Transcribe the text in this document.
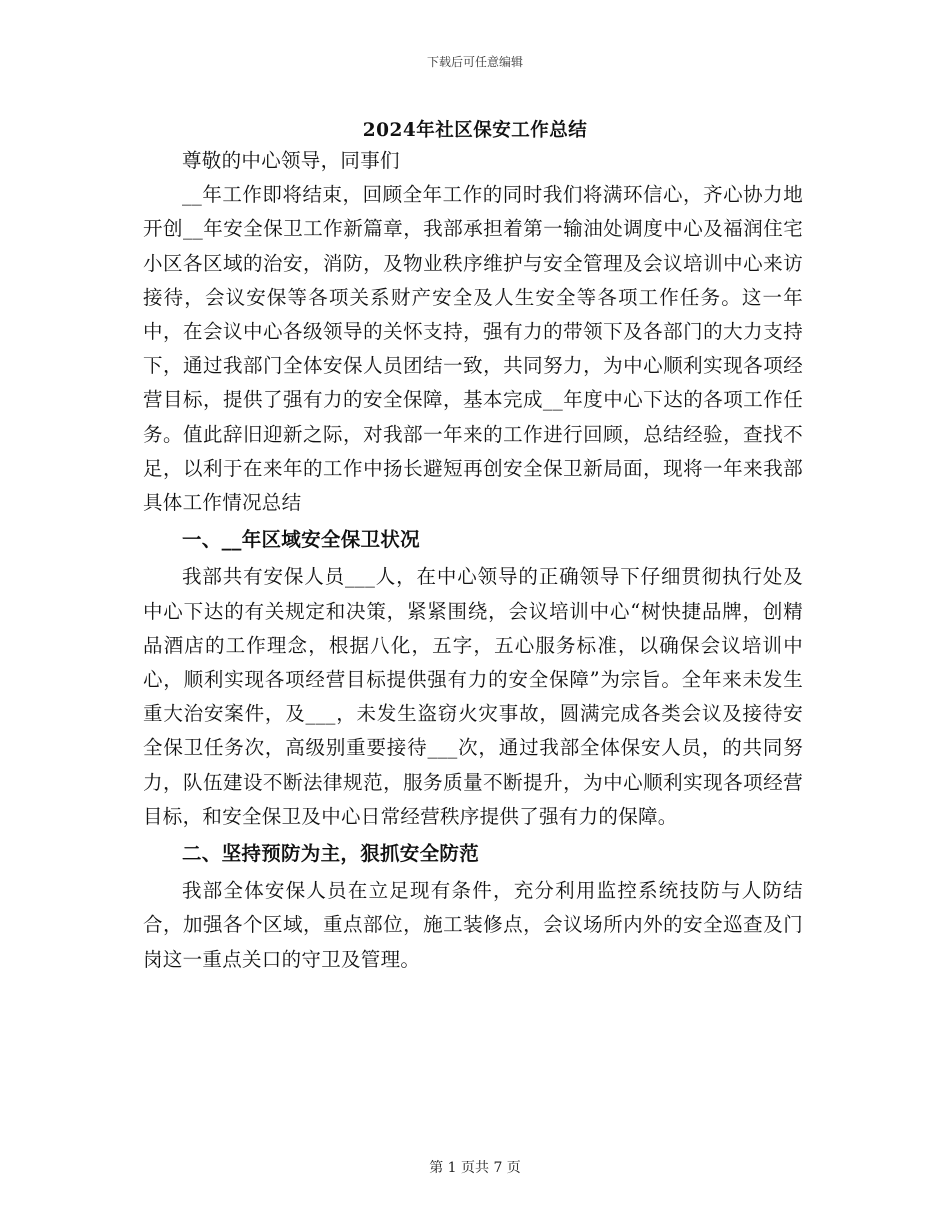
下载后可任意编辑
2024年社区保安工作总结

尊敬的中心领导，同事们

__年工作即将结束，回顾全年工作的同时我们将满环信心，齐心协力地开创__年安全保卫工作新篇章，我部承担着第一输油处调度中心及福润住宅小区各区域的治安，消防，及物业秩序维护与安全管理及会议培训中心来访接待，会议安保等各项关系财产安全及人生安全等各项工作任务。这一年中，在会议中心各级领导的关怀支持，强有力的带领下及各部门的大力支持下，通过我部门全体安保人员团结一致，共同努力，为中心顺利实现各项经营目标，提供了强有力的安全保障，基本完成__年度中心下达的各项工作任务。值此辞旧迎新之际，对我部一年来的工作进行回顾，总结经验，查找不足，以利于在来年的工作中扬长避短再创安全保卫新局面，现将一年来我部具体工作情况总结

一、__年区域安全保卫状况

我部共有安保人员___人，在中心领导的正确领导下仔细贯彻执行处及中心下达的有关规定和决策，紧紧围绕，会议培训中心“树快捷品牌，创精品酒店的工作理念，根据八化，五字，五心服务标准，以确保会议培训中心，顺利实现各项经营目标提供强有力的安全保障”为宗旨。全年来未发生重大治安案件，及___，未发生盗窃火灾事故，圆满完成各类会议及接待安全保卫任务次，高级别重要接待___次，通过我部全体保安人员，的共同努力，队伍建设不断法律规范，服务质量不断提升，为中心顺利实现各项经营目标，和安全保卫及中心日常经营秩序提供了强有力的保障。

二、坚持预防为主，狠抓安全防范

我部全体安保人员在立足现有条件，充分利用监控系统技防与人防结合，加强各个区域，重点部位，施工装修点，会议场所内外的安全巡查及门岗这一重点关口的守卫及管理。

第 1 页共 7 页
